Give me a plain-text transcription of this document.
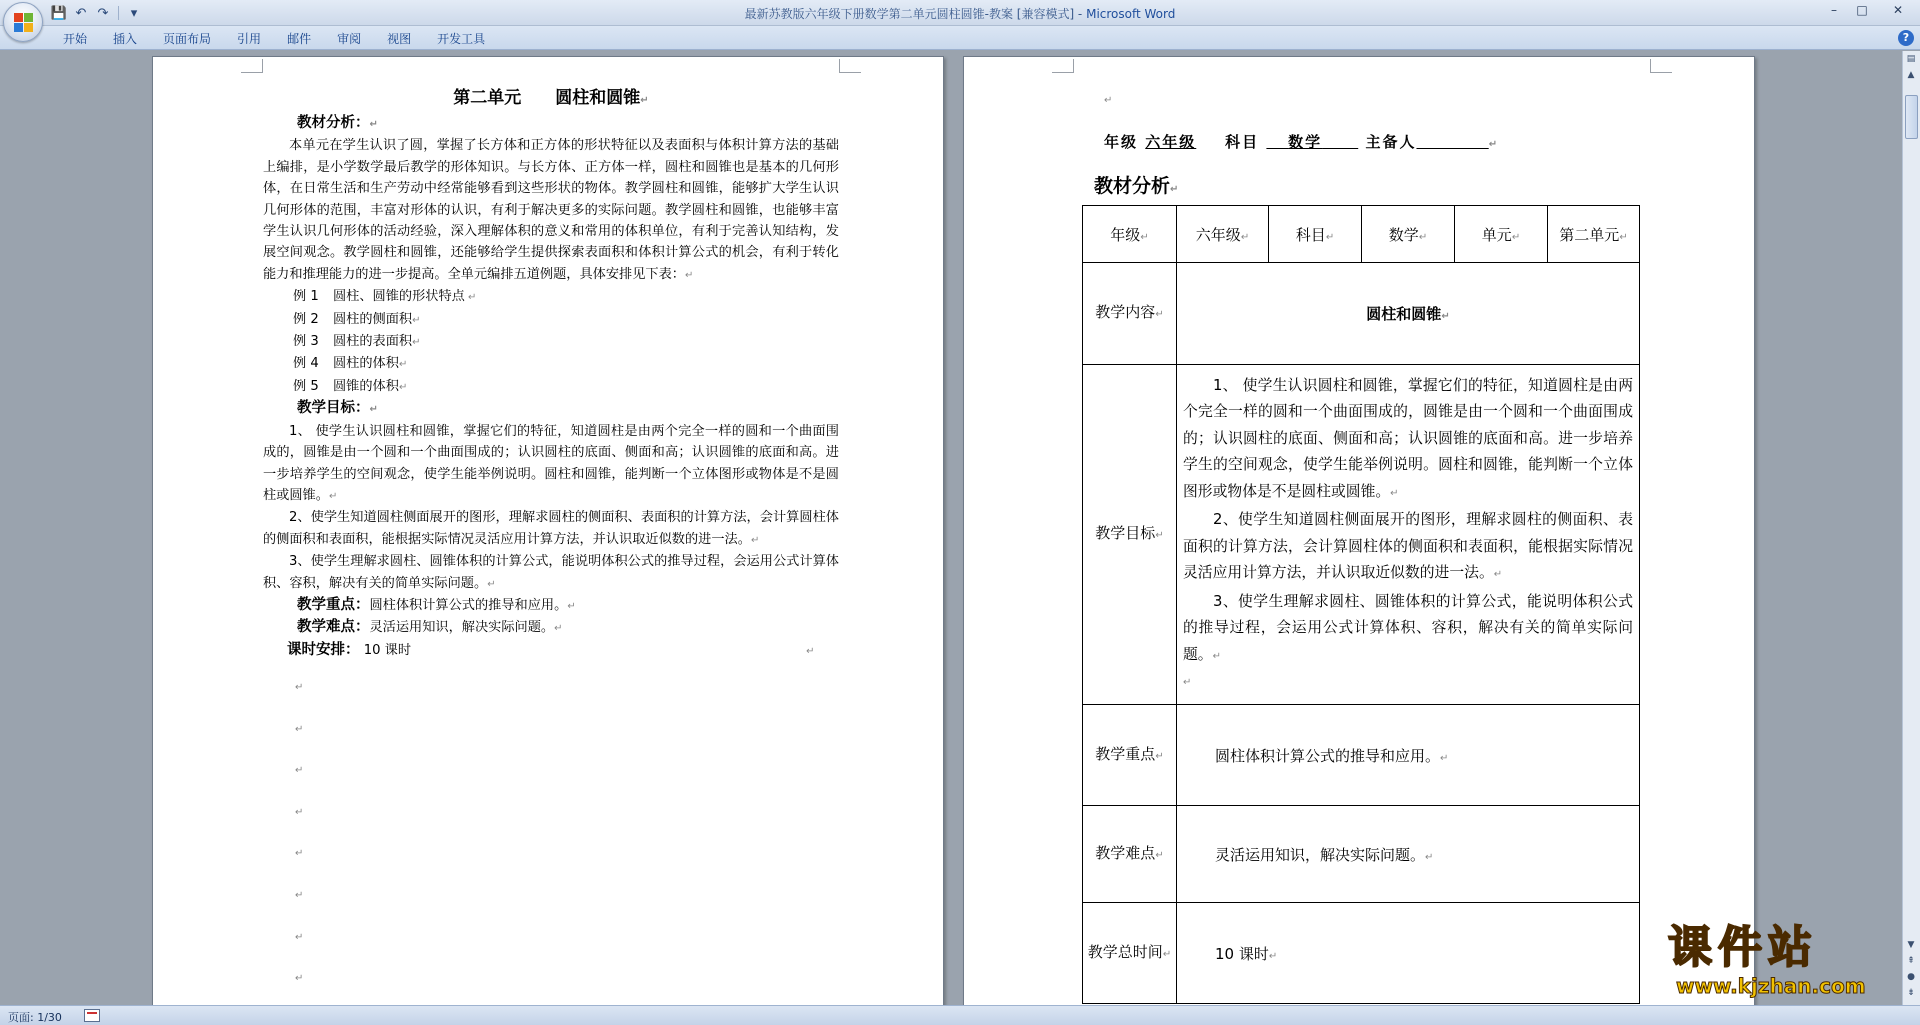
💾 ↶ ↷	▾	最新苏教版六年级下册数学第二单元圆柱圆锥-教案 [兼容模式] - Microsoft Word	–	□	✕
开始	插入	页面布局	引用	邮件	审阅	视图	开发工具	?
第二单元 圆柱和圆锥↵
教材分析：↵
本单元在学生认识了圆，掌握了长方体和正方体的形状特征以及表面积与体积计算方法的基础上编排，是小学数学最后教学的形体知识。与长方体、正方体一样，圆柱和圆锥也是基本的几何形体，在日常生活和生产劳动中经常能够看到这些形状的物体。教学圆柱和圆锥，能够扩大学生认识几何形体的范围，丰富对形体的认识，有利于解决更多的实际问题。教学圆柱和圆锥，也能够丰富学生认识几何形体的活动经验，深入理解体积的意义和常用的体积单位，有利于完善认知结构，发展空间观念。教学圆柱和圆锥，还能够给学生提供探索表面积和体积计算公式的机会，有利于转化能力和推理能力的进一步提高。全单元编排五道例题，具体安排见下表：↵
例 1 圆柱、圆锥的形状特点 ↵
例 2 圆柱的侧面积↵
例 3 圆柱的表面积↵
例 4 圆柱的体积↵
例 5 圆锥的体积↵
教学目标：↵
1、 使学生认识圆柱和圆锥，掌握它们的特征，知道圆柱是由两个完全一样的圆和一个曲面围成的，圆锥是由一个圆和一个曲面围成的；认识圆柱的底面、侧面和高；认识圆锥的底面和高。进一步培养学生的空间观念，使学生能举例说明。圆柱和圆锥，能判断一个立体图形或物体是不是圆柱或圆锥。↵
2、使学生知道圆柱侧面展开的图形，理解求圆柱的侧面积、表面积的计算方法，会计算圆柱体的侧面积和表面积，能根据实际情况灵活应用计算方法，并认识取近似数的进一法。↵
3、使学生理解求圆柱、圆锥体积的计算公式，能说明体积公式的推导过程，会运用公式计算体积、容积，解决有关的简单实际问题。↵
教学重点：圆柱体积计算公式的推导和应用。↵
教学难点：灵活运用知识，解决实际问题。↵
课时安排： 10 课时	↵
↵
↵
↵
↵
↵
↵
↵
↵
↵
年级 六年级 科目 数学	主备人	↵
教材分析↵
年级↵	六年级↵	科目↵	数学↵	单元↵	第二单元↵
教学内容↵	圆柱和圆锥↵				
教学目标↵	1、 使学生认识圆柱和圆锥，掌握它们的特征，知道圆柱是由两个完全一样的圆和一个曲面围成的，圆锥是由一个圆和一个曲面围成的；认识圆柱的底面、侧面和高；认识圆锥的底面和高。进一步培养学生的空间观念，使学生能举例说明。圆柱和圆锥，能判断一个立体图形或物体是不是圆柱或圆锥。↵

2、使学生知道圆柱侧面展开的图形，理解求圆柱的侧面积、表面积的计算方法，会计算圆柱体的侧面积和表面积，能根据实际情况灵活应用计算方法，并认识取近似数的进一法。↵

3、使学生理解求圆柱、圆锥体积的计算公式，能说明体积公式的推导过程，会运用公式计算体积、容积，解决有关的简单实际问题。↵

↵				

教学重点↵	圆柱体积计算公式的推导和应用。↵				
教学难点↵	灵活运用知识，解决实际问题。↵				
教学总时间↵	10 课时↵					课件站
www.kjzhan.com
▤
▲
▼
⇞
●
⇟
页面: 1/30
